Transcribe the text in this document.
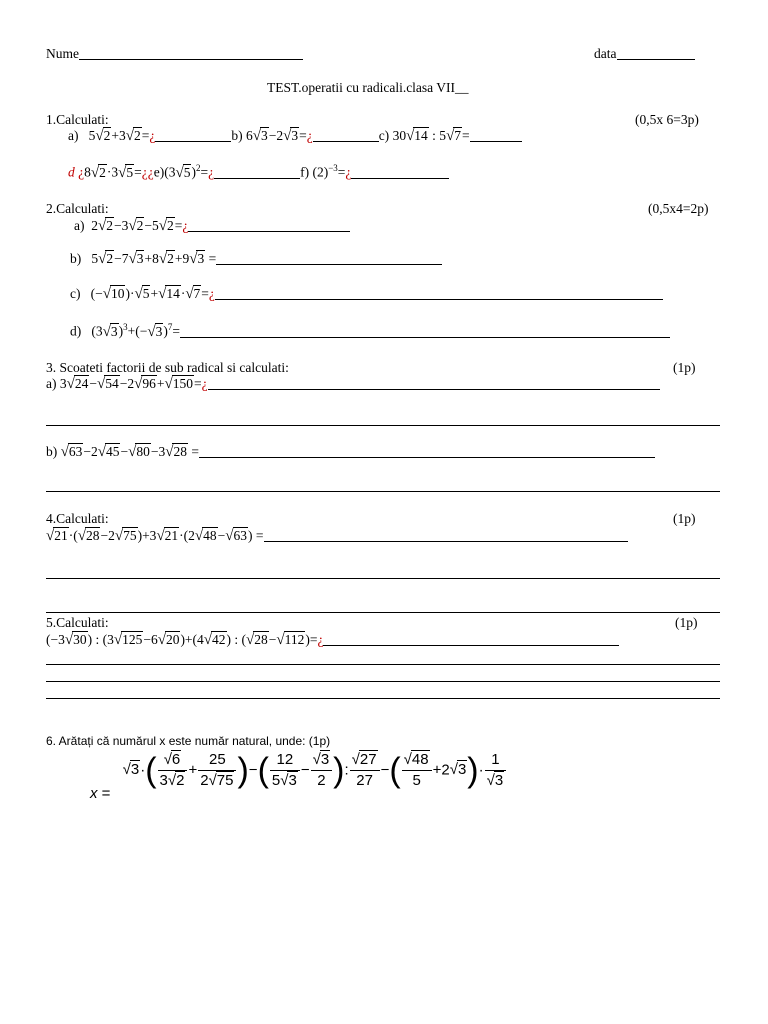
Nume	data
TEST.operatii cu radicali.clasa VII__
1.Calculati:	(0,5x 6=3p)
a)   5√2+3√2=¿	b) 6√3−2√3=¿	c) 30√14 : 5√7=
d ¿$8√2\cdot 3√5=¿¿e)(3√5)^2=¿$	f) $(2)^{-3}=¿$
2.Calculati:	(0,5x4=2p)
a)  2√2−3√2−5√2=¿
b)   5√2−7√3+8√2+9√3 =
c)   (−√10)·√5+√14·√7=¿
d)   $(3√3)^3+(-√3)^7=$
3. Scoateti factorii de sub radical si calculati:	(1p)
a) 3√24−√54−2√96+√150=¿
b) √63−2√45−√80−3√28 =
4.Calculati:	(1p)
√21·(√28−2√75)+3√21·(2√48−√63) =
5.Calculati:	(1p)
(−3√30) : (3√125−6√20)+(4√42) : (√28−√112)=¿
6. Arătați că numărul x este număr natural, unde: (1p)
$x = √3\cdot( \frac{√6}{3√2} + \frac{25}{2√75}$ )−( $\frac{12}{5√3} - \frac{√3}{2}$ ): $\frac{√27}{27}$ −( $\frac{√48}{5} +2√3)\cdot \frac{1}{√3}$
